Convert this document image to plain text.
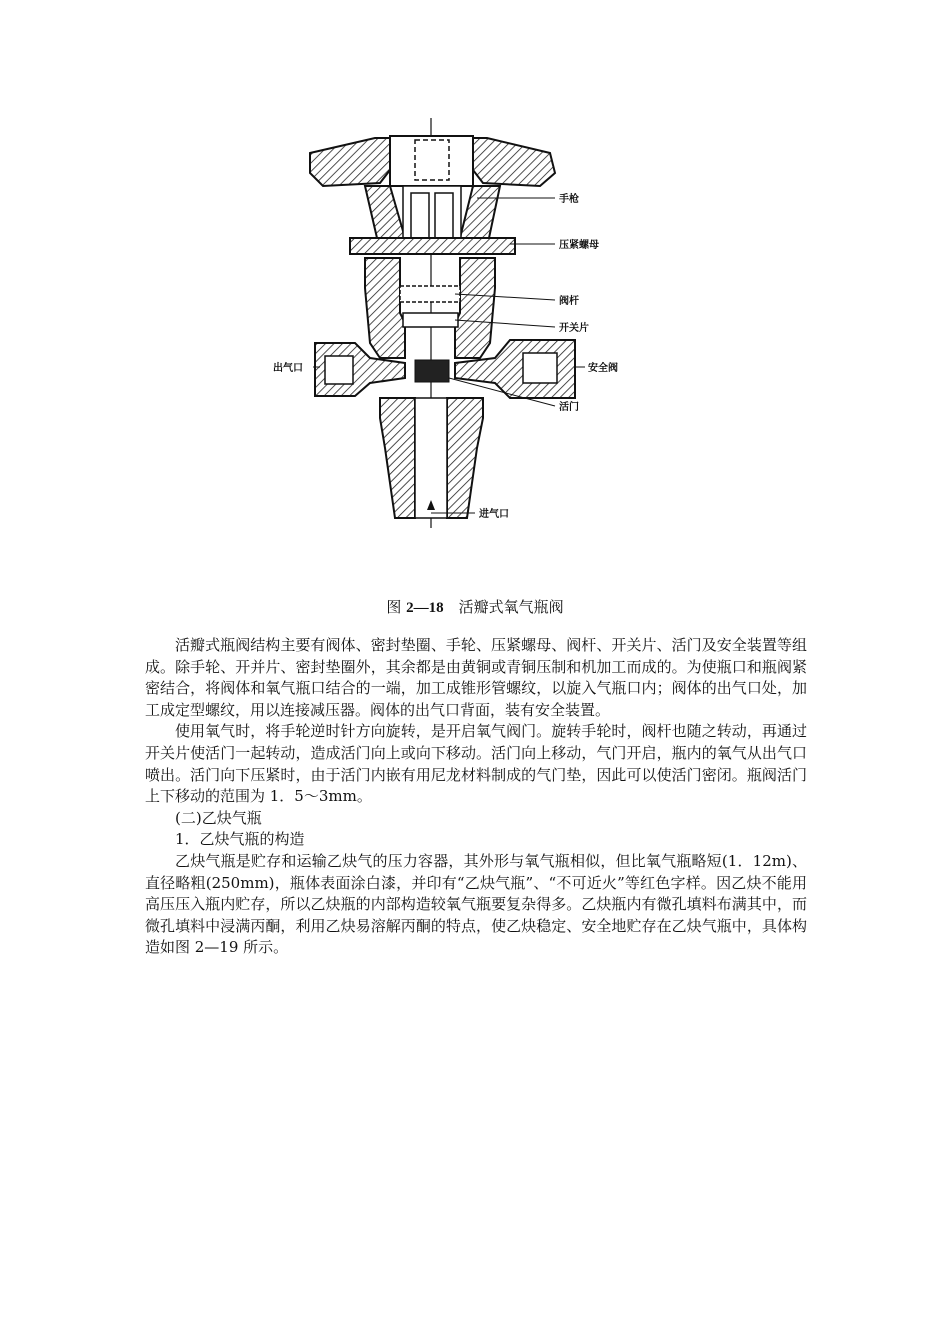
手枪
压紧螺母
阀杆
开关片
出气口	安全阀
活门
进气口
图 2—18  活瓣式氧气瓶阀

活瓣式瓶阀结构主要有阀体、密封垫圈、手轮、压紧螺母、阀杆、开关片、活门及安全装置等组成。除手轮、开并片、密封垫圈外，其余都是由黄铜或青铜压制和机加工而成的。为使瓶口和瓶阀紧密结合，将阀体和氧气瓶口结合的一端，加工成锥形管螺纹，以旋入气瓶口内；阀体的出气口处，加工成定型螺纹，用以连接减压器。阀体的出气口背面，装有安全装置。

使用氧气时，将手轮逆时针方向旋转，是开启氧气阀门。旋转手轮时，阀杆也随之转动，再通过开关片使活门一起转动，造成活门向上或向下移动。活门向上移动，气门开启，瓶内的氧气从出气口喷出。活门向下压紧时，由于活门内嵌有用尼龙材料制成的气门垫，因此可以使活门密闭。瓶阀活门上下移动的范围为 1．5～3mm。

(二)乙炔气瓶

1．乙炔气瓶的构造

乙炔气瓶是贮存和运输乙炔气的压力容器，其外形与氧气瓶相似，但比氧气瓶略短(1．12m)、直径略粗(250mm)，瓶体表面涂白漆，并印有“乙炔气瓶”、“不可近火”等红色字样。因乙炔不能用高压压入瓶内贮存，所以乙炔瓶的内部构造较氧气瓶要复杂得多。乙炔瓶内有微孔填料布满其中，而微孔填料中浸满丙酮，利用乙炔易溶解丙酮的特点，使乙炔稳定、安全地贮存在乙炔气瓶中，具体构造如图 2—19 所示。
